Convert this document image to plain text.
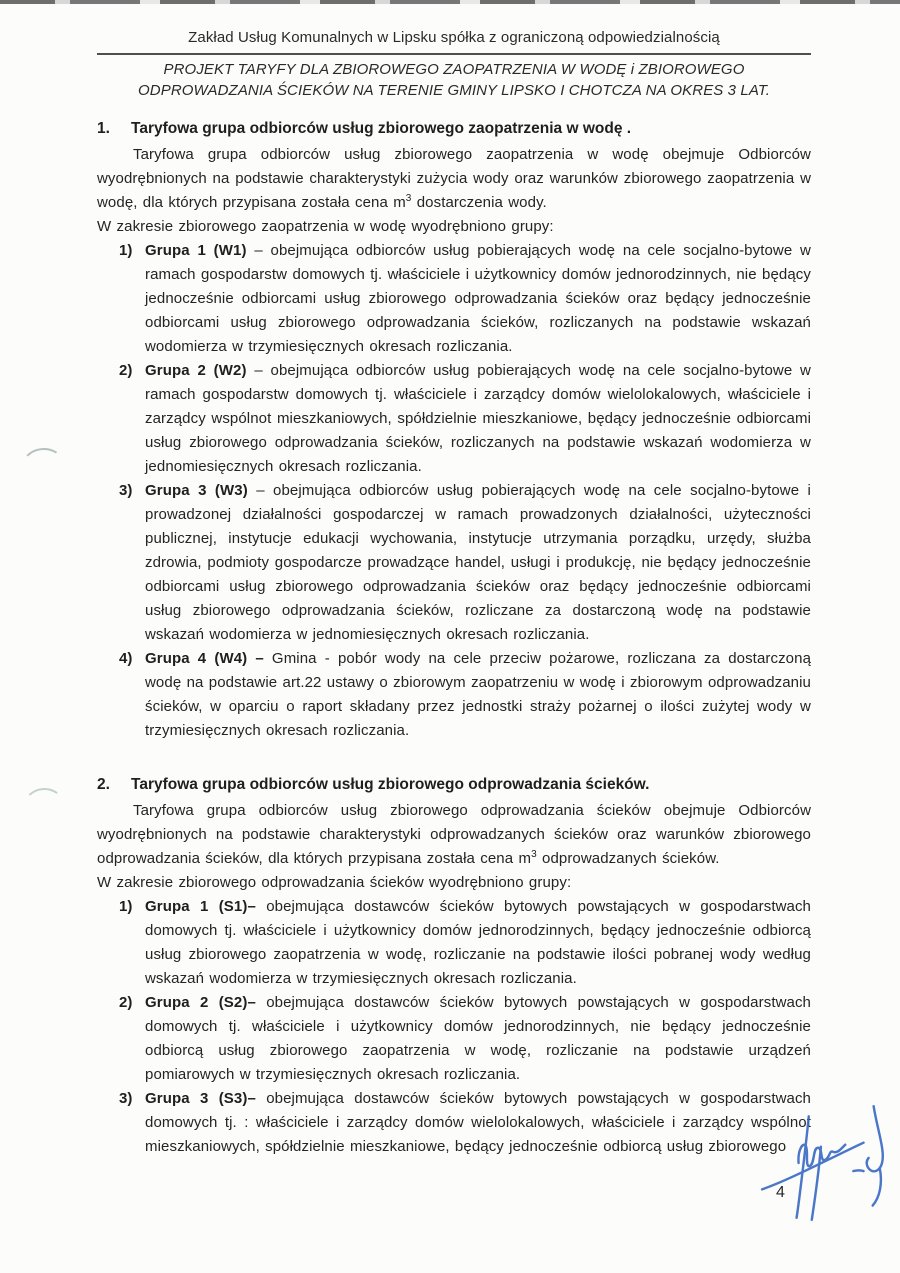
Zakład Usług Komunalnych w Lipsku spółka z ograniczoną odpowiedzialnością
PROJEKT TARYFY DLA ZBIOROWEGO ZAOPATRZENIA W WODĘ i ZBIOROWEGO ODPROWADZANIA ŚCIEKÓW NA TERENIE GMINY LIPSKO I CHOTCZA NA OKRES 3 LAT.
1.	Taryfowa grupa odbiorców usług zbiorowego zaopatrzenia w wodę .

Taryfowa grupa odbiorców usług zbiorowego zaopatrzenia w wodę obejmuje Odbiorców wyodrębnionych na podstawie charakterystyki zużycia wody oraz warunków zbiorowego zaopatrzenia w wodę, dla których przypisana została cena $m^3$ dostarczenia wody.

W zakresie zbiorowego zaopatrzenia w wodę wyodrębniono grupy:

1) Grupa 1 (W1) – obejmująca odbiorców usług pobierających wodę na cele socjalno-bytowe w ramach gospodarstw domowych tj. właściciele i użytkownicy domów jednorodzinnych, nie będący jednocześnie odbiorcami usług zbiorowego odprowadzania ścieków oraz będący jednocześnie odbiorcami usług zbiorowego odprowadzania ścieków, rozliczanych na podstawie wskazań wodomierza w trzymiesięcznych okresach rozliczania.
2) Grupa 2 (W2) – obejmująca odbiorców usług pobierających wodę na cele socjalno-bytowe w ramach gospodarstw domowych tj. właściciele i zarządcy domów wielolokalowych, właściciele i zarządcy wspólnot mieszkaniowych, spółdzielnie mieszkaniowe, będący jednocześnie odbiorcami usług zbiorowego odprowadzania ścieków, rozliczanych na podstawie wskazań wodomierza w jednomiesięcznych okresach rozliczania.
3) Grupa 3 (W3) – obejmująca odbiorców usług pobierających wodę na cele socjalno-bytowe i prowadzonej działalności gospodarczej w ramach prowadzonych działalności, użyteczności publicznej, instytucje edukacji wychowania, instytucje utrzymania porządku, urzędy, służba zdrowia, podmioty gospodarcze prowadzące handel, usługi i produkcję, nie będący jednocześnie odbiorcami usług zbiorowego odprowadzania ścieków oraz będący jednocześnie odbiorcami usług zbiorowego odprowadzania ścieków, rozliczane za dostarczoną wodę na podstawie wskazań wodomierza w jednomiesięcznych okresach rozliczania.
4) Grupa 4 (W4) – Gmina - pobór wody na cele przeciw pożarowe, rozliczana za dostarczoną wodę na podstawie art.22 ustawy o zbiorowym zaopatrzeniu w wodę i zbiorowym odprowadzaniu ścieków, w oparciu o raport składany przez jednostki straży pożarnej o ilości zużytej wody w trzymiesięcznych okresach rozliczania.
2.	Taryfowa grupa odbiorców usług zbiorowego odprowadzania ścieków.

Taryfowa grupa odbiorców usług zbiorowego odprowadzania ścieków obejmuje Odbiorców wyodrębnionych na podstawie charakterystyki odprowadzanych ścieków oraz warunków zbiorowego odprowadzania ścieków, dla których przypisana została cena $m^3$ odprowadzanych ścieków.

W zakresie zbiorowego odprowadzania ścieków wyodrębniono grupy:

1) Grupa 1 (S1)– obejmująca dostawców ścieków bytowych powstających w gospodarstwach domowych tj. właściciele i użytkownicy domów jednorodzinnych, będący jednocześnie odbiorcą usług zbiorowego zaopatrzenia w wodę, rozliczanie na podstawie ilości pobranej wody według wskazań wodomierza w trzymiesięcznych okresach rozliczania.
2) Grupa 2 (S2)– obejmująca dostawców ścieków bytowych powstających w gospodarstwach domowych tj. właściciele i użytkownicy domów jednorodzinnych, nie będący jednocześnie odbiorcą usług zbiorowego zaopatrzenia w wodę, rozliczanie na podstawie urządzeń pomiarowych w trzymiesięcznych okresach rozliczania.
3) Grupa 3 (S3)– obejmująca dostawców ścieków bytowych powstających w gospodarstwach domowych tj. : właściciele i zarządcy domów wielolokalowych, właściciele i zarządcy wspólnot mieszkaniowych, spółdzielnie mieszkaniowe, będący jednocześnie odbiorcą usług zbiorowego
4
